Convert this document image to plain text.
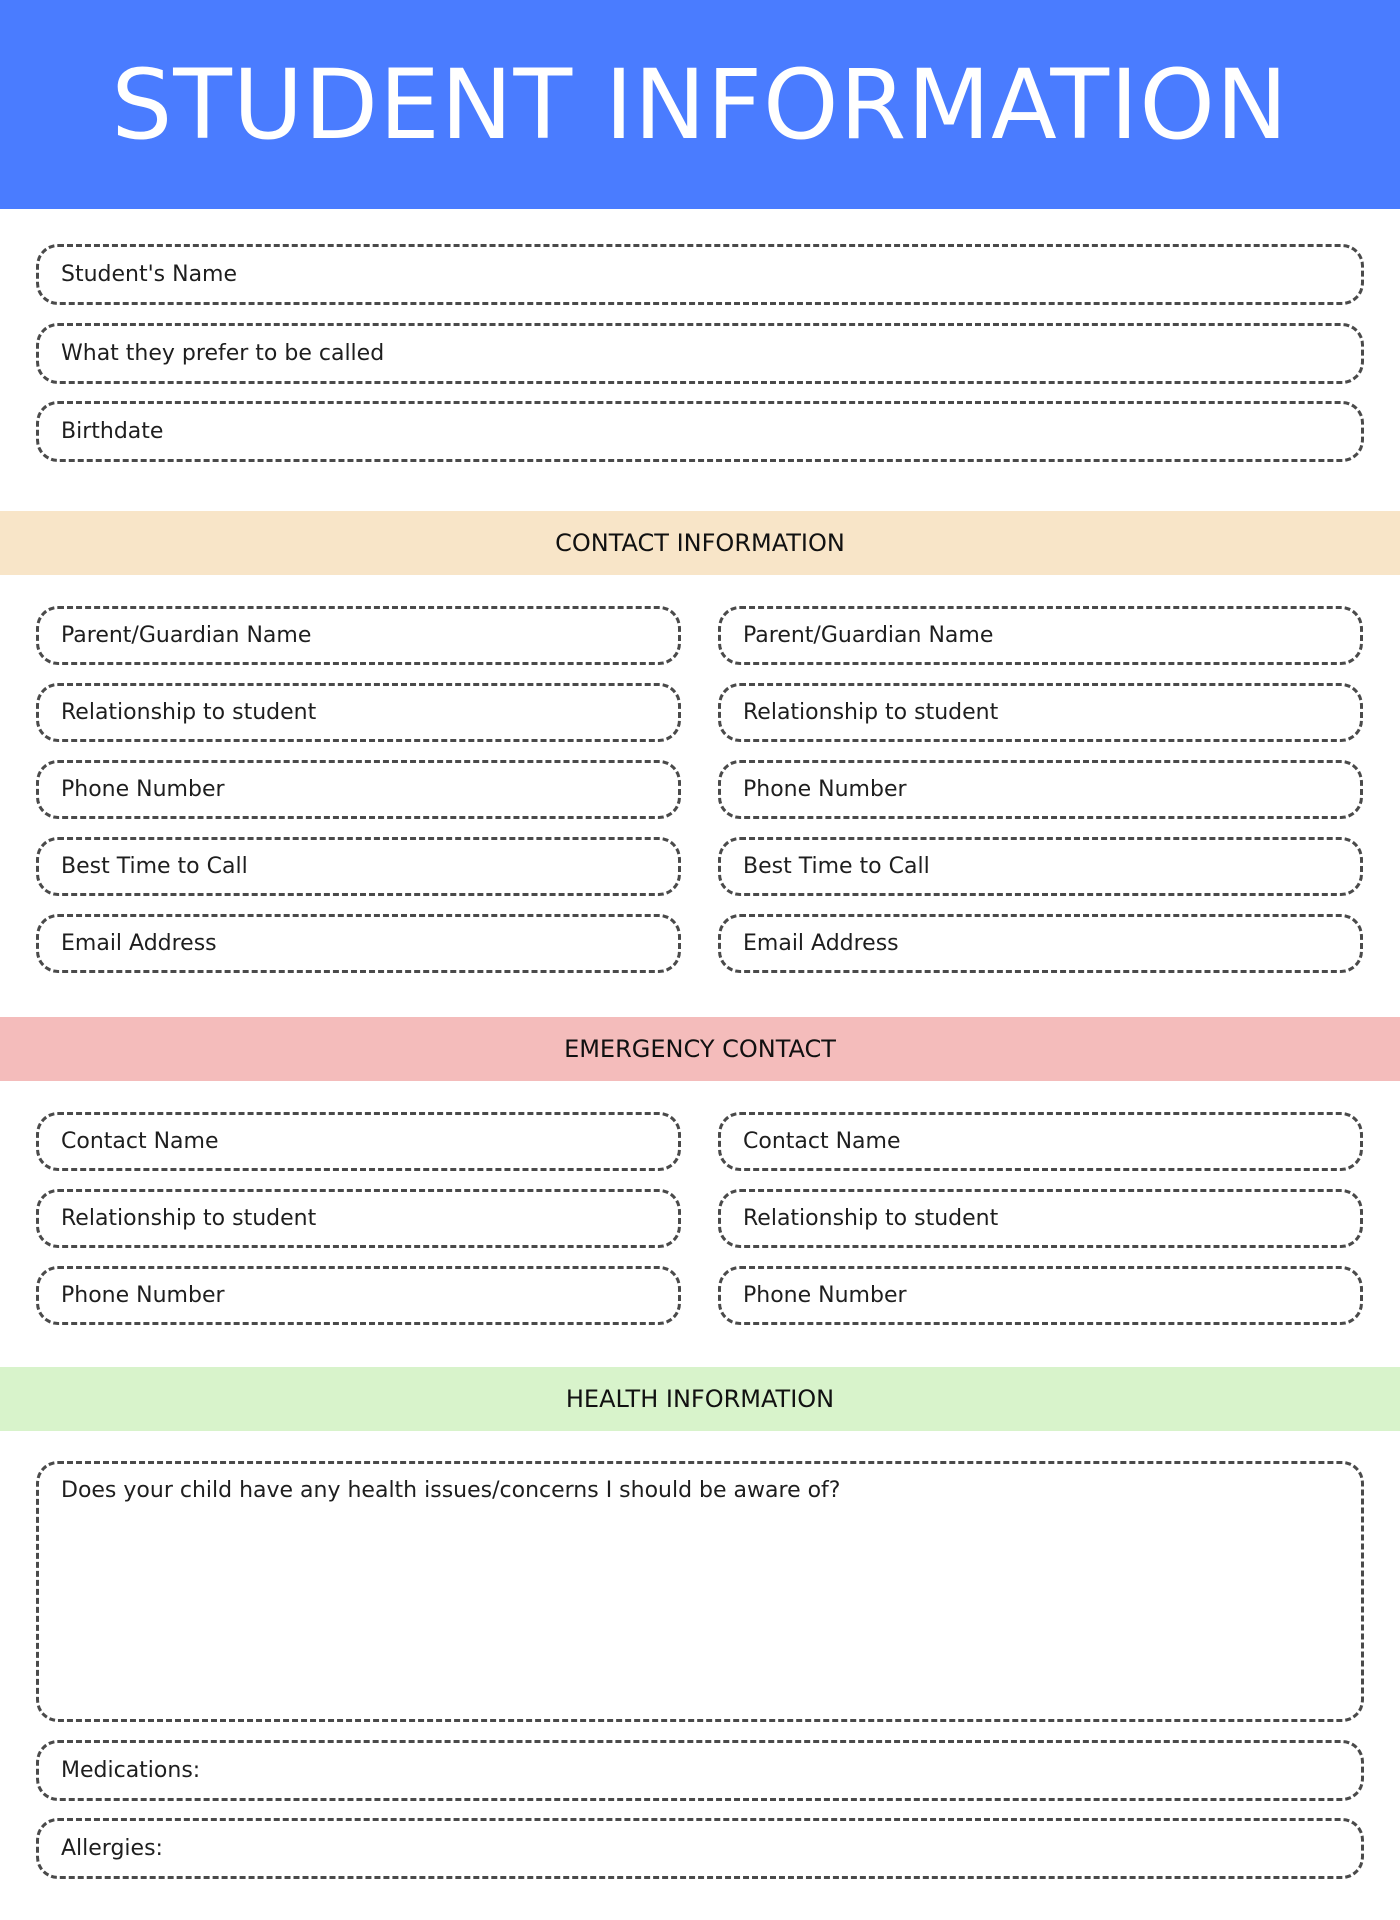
STUDENT INFORMATION
Student's Name
What they prefer to be called
Birthdate
CONTACT INFORMATION
Parent/Guardian Name	Parent/Guardian Name
Relationship to student	Relationship to student
Phone Number	Phone Number
Best Time to Call	Best Time to Call
Email Address	Email Address
EMERGENCY CONTACT
Contact Name	Contact Name
Relationship to student	Relationship to student
Phone Number	Phone Number
HEALTH INFORMATION
Does your child have any health issues/concerns I should be aware of?
Medications:
Allergies:
